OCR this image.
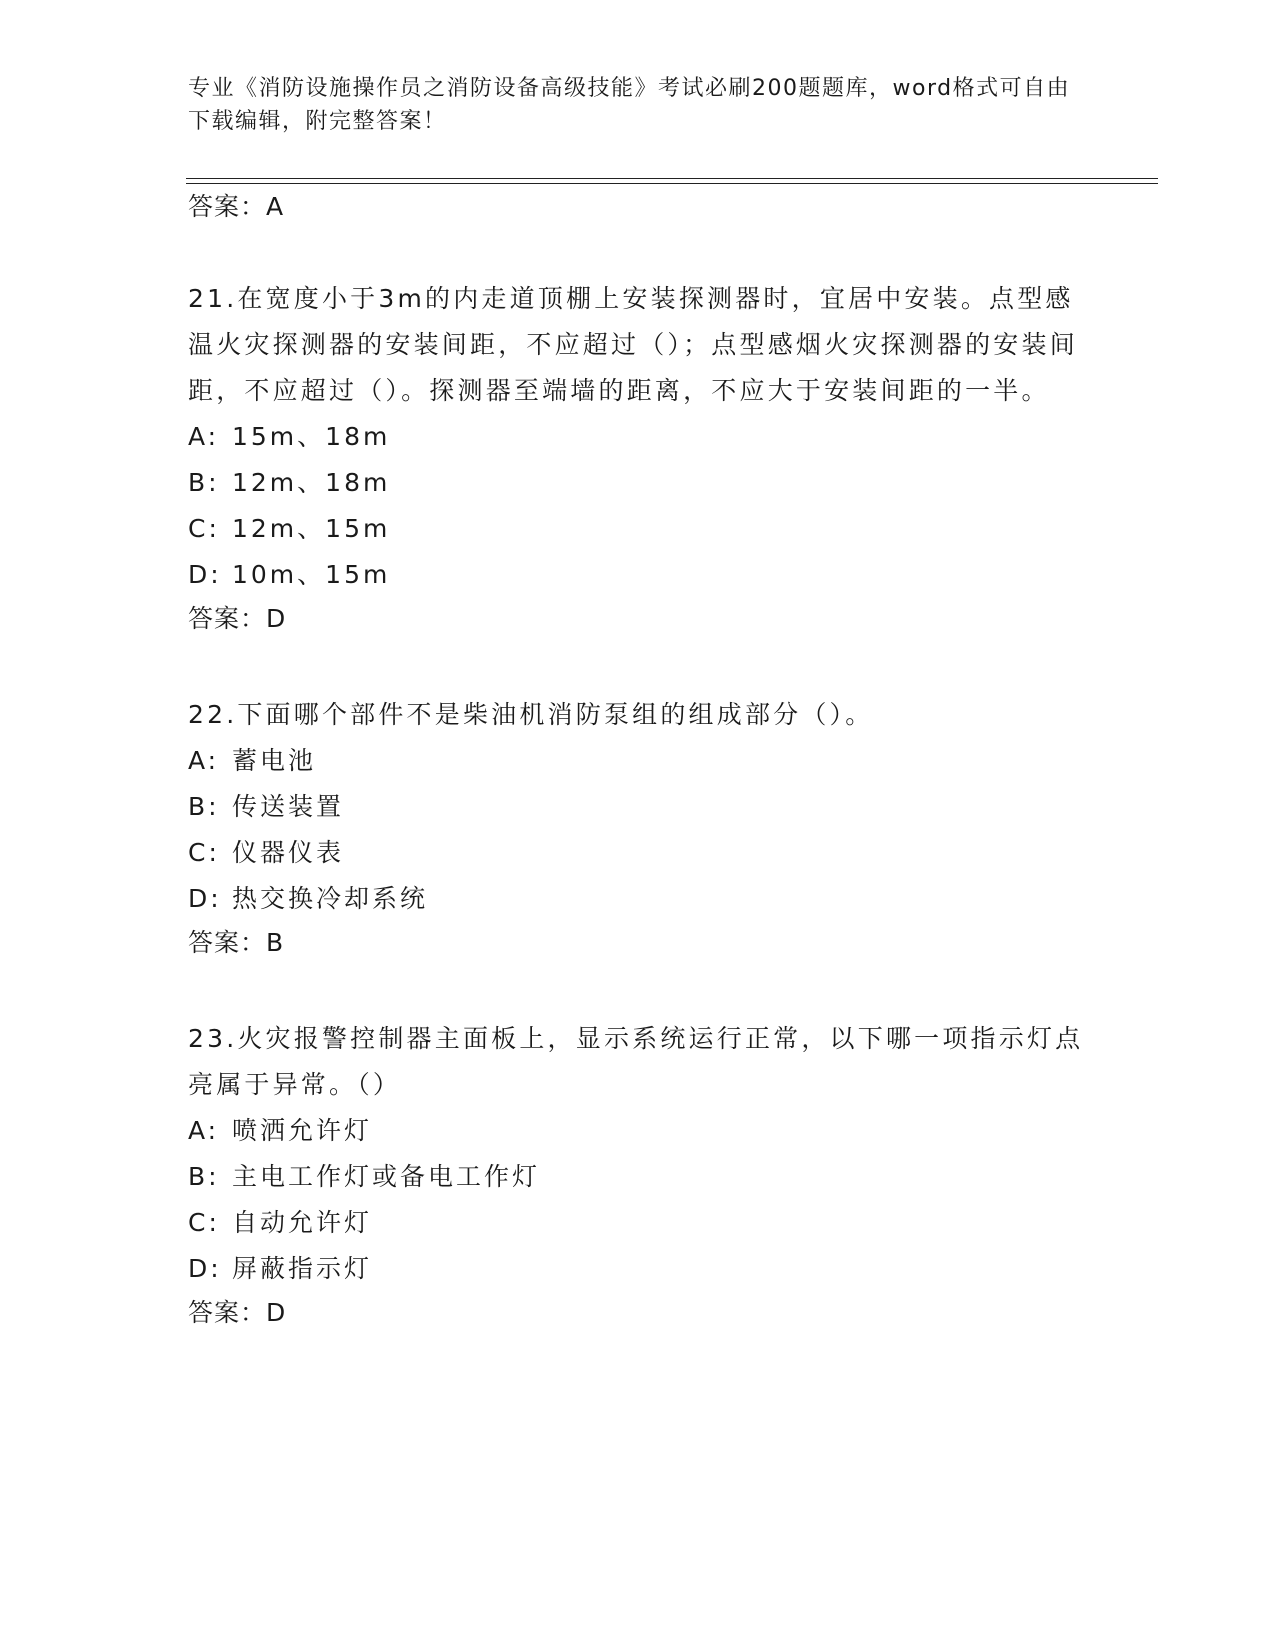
专业《消防设施操作员之消防设备高级技能》考试必刷200题题库，word格式可自由下载编辑，附完整答案！

答案：A

21.在宽度小于3m的内走道顶棚上安装探测器时，宜居中安装。点型感温火灾探测器的安装间距，不应超过（）；点型感烟火灾探测器的安装间距，不应超过（）。探测器至端墙的距离，不应大于安装间距的一半。

A: 15m、18m

B: 12m、18m

C: 12m、15m

D: 10m、15m

答案：D

22.下面哪个部件不是柴油机消防泵组的组成部分（）。

A: 蓄电池

B: 传送装置

C: 仪器仪表

D: 热交换冷却系统

答案：B

23.火灾报警控制器主面板上，显示系统运行正常，以下哪一项指示灯点亮属于异常。（）

A: 喷洒允许灯

B: 主电工作灯或备电工作灯

C: 自动允许灯

D: 屏蔽指示灯

答案：D
